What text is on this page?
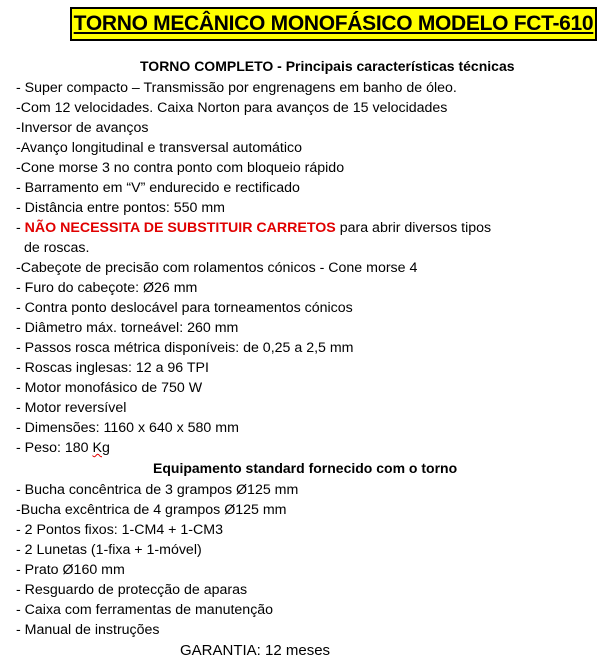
TORNO MECÂNICO MONOFÁSICO MODELO FCT-610
TORNO COMPLETO - Principais características técnicas
- Super compacto – Transmissão por engrenagens em banho de óleo.
-Com 12 velocidades. Caixa Norton para avanços de 15 velocidades
-Inversor de avanços
-Avanço longitudinal e transversal automático
-Cone morse 3 no contra ponto com bloqueio rápido
- Barramento em “V” endurecido e rectificado
- Distância entre pontos: 550 mm
- NÃO NECESSITA DE SUBSTITUIR CARRETOS para abrir diversos tipos
de roscas.
-Cabeçote de precisão com rolamentos cónicos - Cone morse 4
- Furo do cabeçote: Ø26 mm
- Contra ponto deslocável para torneamentos cónicos
- Diâmetro máx. torneável: 260 mm
- Passos rosca métrica disponíveis: de 0,25 a 2,5 mm
- Roscas inglesas: 12 a 96 TPI
- Motor monofásico de 750 W
- Motor reversível
- Dimensões: 1160 x 640 x 580 mm
- Peso: 180 Kg
Equipamento standard fornecido com o torno
- Bucha concêntrica de 3 grampos Ø125 mm
-Bucha excêntrica de 4 grampos Ø125 mm
- 2 Pontos fixos: 1-CM4 + 1-CM3
- 2 Lunetas (1-fixa + 1-móvel)
- Prato Ø160 mm
- Resguardo de protecção de aparas
- Caixa com ferramentas de manutenção
- Manual de instruções
GARANTIA: 12 meses
